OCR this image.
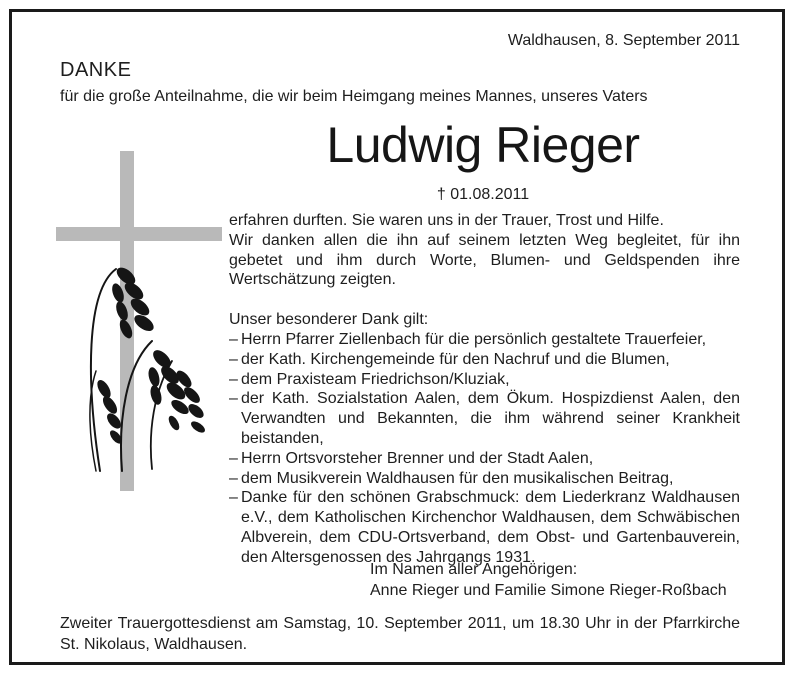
Waldhausen, 8. September 2011
DANKE
für die große Anteilnahme, die wir beim Heimgang meines Mannes, unseres Vaters
Ludwig Rieger
† 01.08.2011

erfahren durften. Sie waren uns in der Trauer, Trost und Hilfe.

Wir danken allen die ihn auf seinem letzten Weg begleitet, für ihn gebetet und ihm durch Worte, Blumen- und Geldspenden ihre Wertschätzung zeigten.

Unser besonderer Dank gilt:

– Herrn Pfarrer Ziellenbach für die persönlich gestaltete Trauerfeier,
– der Kath. Kirchengemeinde für den Nachruf und die Blumen,
– dem Praxisteam Friedrichson/Kluziak,
– der Kath. Sozialstation Aalen, dem Ökum. Hospizdienst Aalen, den Verwandten und Bekannten, die ihm während seiner Krankheit beistanden,
– Herrn Ortsvorsteher Brenner und der Stadt Aalen,
– dem Musikverein Waldhausen für den musikalischen Beitrag,
– Danke für den schönen Grabschmuck: dem Liederkranz Waldhausen e.V., dem Katholischen Kirchenchor Waldhausen, dem Schwäbischen Albverein, dem CDU-Ortsverband, dem Obst- und Gartenbauverein, den Altersgenossen des Jahrgangs 1931.
Im Namen aller Angehörigen:
Anne Rieger und Familie Simone Rieger-Roßbach
Zweiter Trauergottesdienst am Samstag, 10. September 2011, um 18.30 Uhr in der Pfarrkirche St. Nikolaus, Waldhausen.
